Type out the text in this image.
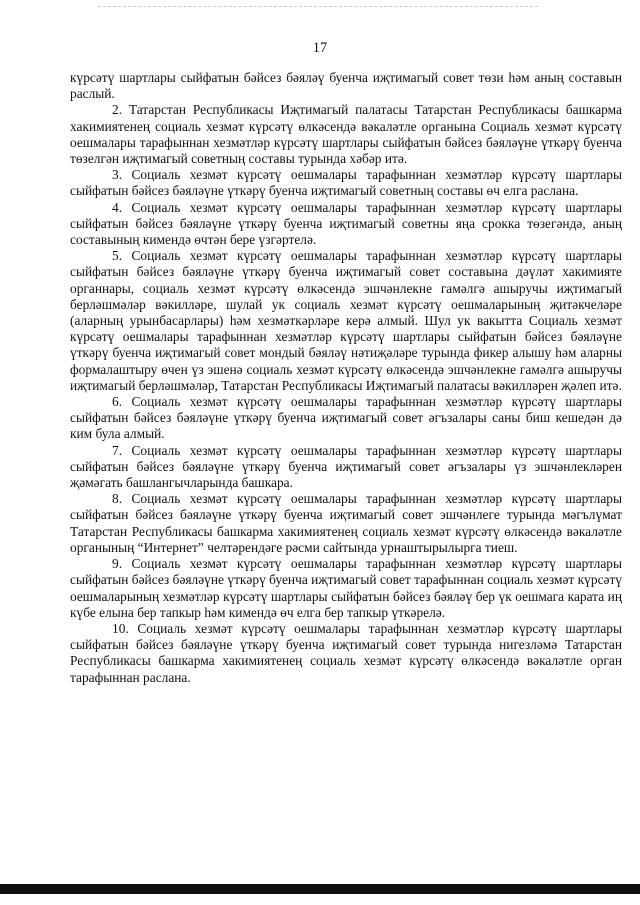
17

күрсәтү шартлары сыйфатын бәйсез бәяләү буенча иҗтимагый совет төзи һәм аның составын раслый.

2. Татарстан Республикасы Иҗтимагый палатасы Татарстан Республикасы башкарма хакимиятенең социаль хезмәт күрсәтү өлкәсендә вәкаләтле органына Социаль хезмәт күрсәтү оешмалары тарафыннан хезмәтләр күрсәтү шартлары сыйфатын бәйсез бәяләүне үткәрү буенча төзелгән иҗтимагый советның составы турында хәбәр итә.

3. Социаль хезмәт күрсәтү оешмалары тарафыннан хезмәтләр күрсәтү шартлары сыйфатын бәйсез бәяләүне үткәрү буенча иҗтимагый советның составы өч елга раслана.

4. Социаль хезмәт күрсәтү оешмалары тарафыннан хезмәтләр күрсәтү шартлары сыйфатын бәйсез бәяләүне үткәрү буенча иҗтимагый советны яңа срокка төзегәндә, аның составының кимендә өчтән бере үзгәртелә.

5. Социаль хезмәт күрсәтү оешмалары тарафыннан хезмәтләр күрсәтү шартлары сыйфатын бәйсез бәяләүне үткәрү буенча иҗтимагый совет составына дәүләт хакимияте органнары, социаль хезмәт күрсәтү өлкәсендә эшчәнлекне гамәлгә ашыручы иҗтимагый берләшмәләр вәкилләре, шулай ук социаль хезмәт күрсәтү оешмаларының җитәкчеләре (аларның урынбасарлары) һәм хезмәткәрләре керә алмый. Шул ук вакытта Социаль хезмәт күрсәтү оешмалары тарафыннан хезмәтләр күрсәтү шартлары сыйфатын бәйсез бәяләүне үткәрү буенча иҗтимагый совет мондый бәяләү нәтиҗәләре турында фикер алышу һәм аларны формалаштыру өчен үз эшенә социаль хезмәт күрсәтү өлкәсендә эшчәнлекне гамәлгә ашыручы иҗтимагый берләшмәләр, Татарстан Республикасы Иҗтимагый палатасы вәкилләрен җәлеп итә.

6. Социаль хезмәт күрсәтү оешмалары тарафыннан хезмәтләр күрсәтү шартлары сыйфатын бәйсез бәяләүне үткәрү буенча иҗтимагый совет әгъзалары саны биш кешедән дә ким була алмый.

7. Социаль хезмәт күрсәтү оешмалары тарафыннан хезмәтләр күрсәтү шартлары сыйфатын бәйсез бәяләүне үткәрү буенча иҗтимагый совет әгъзалары үз эшчәнлекләрен җәмәгать башлангычларында башкара.

8. Социаль хезмәт күрсәтү оешмалары тарафыннан хезмәтләр күрсәтү шартлары сыйфатын бәйсез бәяләүне үткәрү буенча иҗтимагый совет эшчәнлеге турында мәгълүмат Татарстан Республикасы башкарма хакимиятенең социаль хезмәт күрсәтү өлкәсендә вәкаләтле органының “Интернет” челтәрендәге рәсми сайтында урнаштырылырга тиеш.

9. Социаль хезмәт күрсәтү оешмалары тарафыннан хезмәтләр күрсәтү шартлары сыйфатын бәйсез бәяләүне үткәрү буенча иҗтимагый совет тарафыннан социаль хезмәт күрсәтү оешмаларының хезмәтләр күрсәтү шартлары сыйфатын бәйсез бәяләү бер үк оешмага карата иң күбе елына бер тапкыр һәм кимендә өч елга бер тапкыр үткәрелә.

10. Социаль хезмәт күрсәтү оешмалары тарафыннан хезмәтләр күрсәтү шартлары сыйфатын бәйсез бәяләүне үткәрү буенча иҗтимагый совет турында нигезләмә Татарстан Республикасы башкарма хакимиятенең социаль хезмәт күрсәтү өлкәсендә вәкаләтле орган тарафыннан раслана.
